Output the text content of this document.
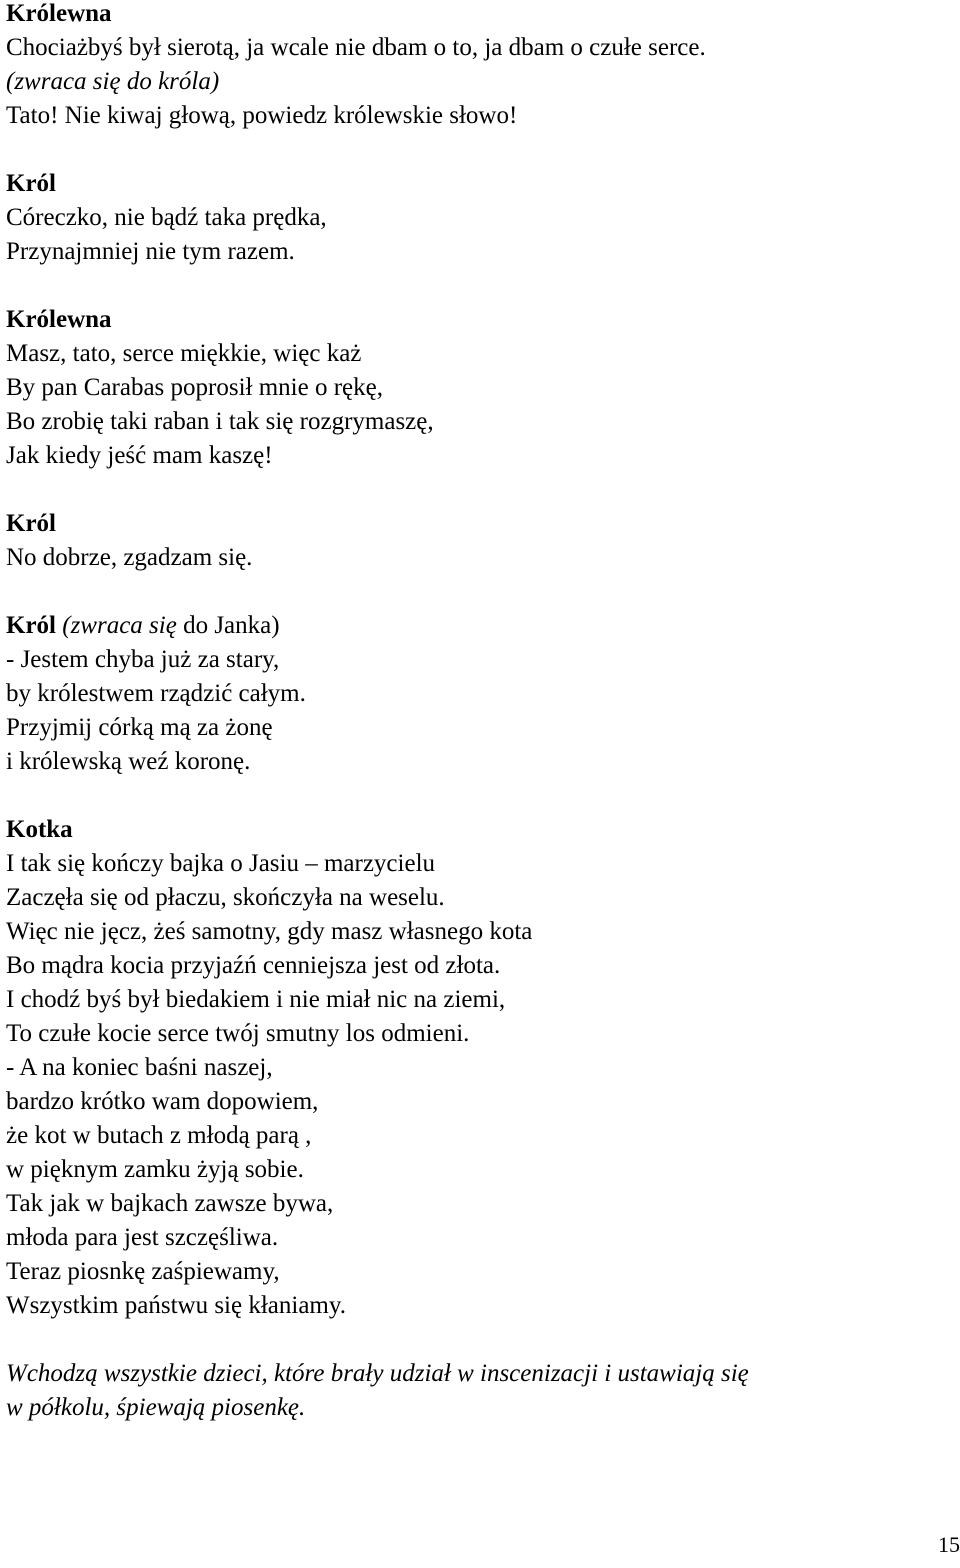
Królewna
Chociażbyś był sierotą, ja wcale nie dbam o to, ja dbam o czułe serce.
(zwraca się do króla)
Tato! Nie kiwaj głową, powiedz królewskie słowo!
Król
Córeczko, nie bądź taka prędka,
Przynajmniej nie tym razem.
Królewna
Masz, tato, serce miękkie, więc każ
By pan Carabas poprosił mnie o rękę,
Bo zrobię taki raban i tak się rozgrymaszę,
Jak kiedy jeść mam kaszę!
Król
No dobrze, zgadzam się.
Król (zwraca się do Janka)
- Jestem chyba już za stary,
by królestwem rządzić całym.
Przyjmij córką mą za żonę
i królewską weź koronę.
Kotka
I tak się kończy bajka o Jasiu – marzycielu
Zaczęła się od płaczu, skończyła na weselu.
Więc nie jęcz, żeś samotny, gdy masz własnego kota
Bo mądra kocia przyjaźń cenniejsza jest od złota.
I chodź byś był biedakiem i nie miał nic na ziemi,
To czułe kocie serce twój smutny los odmieni.
- A na koniec baśni naszej,
bardzo krótko wam dopowiem,
że kot w butach z młodą parą ,
w pięknym zamku żyją sobie.
Tak jak w bajkach zawsze bywa,
młoda para jest szczęśliwa.
Teraz piosnkę zaśpiewamy,
Wszystkim państwu się kłaniamy.
Wchodzą wszystkie dzieci, które brały udział w inscenizacji i ustawiają się
w półkolu, śpiewają piosenkę.
15
